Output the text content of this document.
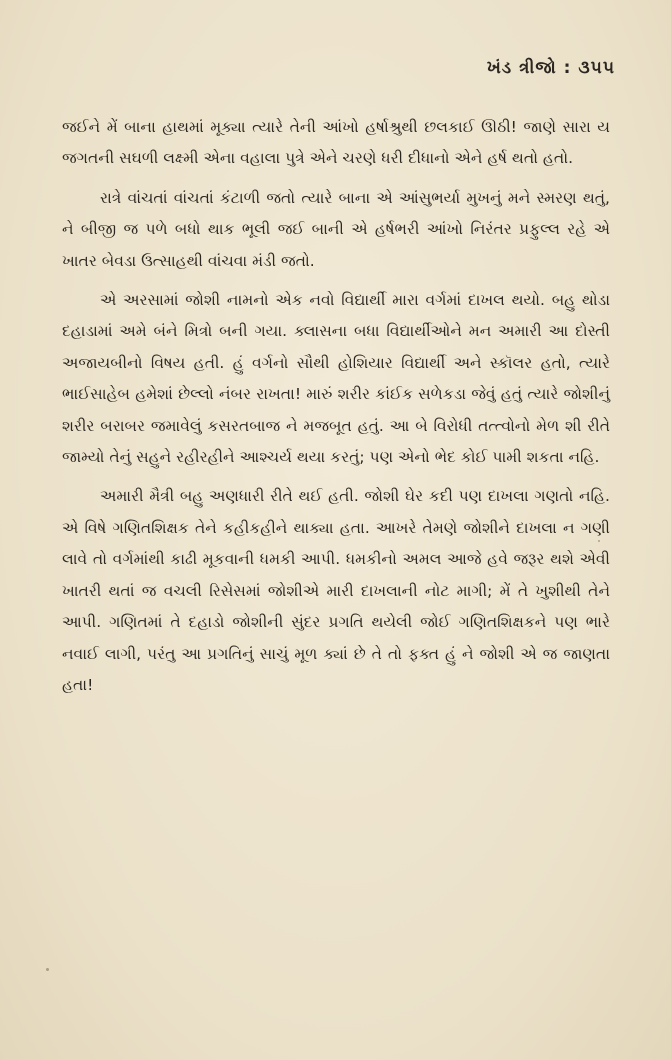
ખંડ ત્રીજો : ૩૫૫

જઈને મેં બાના હાથમાં મૂક્યા ત્યારે તેની આંખો હર્ષાશ્રુથી છલકાઈ ઊઠી! જાણે સારા ય જગતની સઘળી લક્ષ્મી એના વહાલા પુત્રે એને ચરણે ધરી દીધાનો એને હર્ષ થતો હતો.

રાત્રે વાંચતાં વાંચતાં કંટાળી જતો ત્યારે બાના એ આંસુભર્યા મુખનું મને સ્મરણ થતું, ને બીજી જ પળે બધો થાક ભૂલી જઈ બાની એ હર્ષભરી આંખો નિરંતર પ્રફુલ્લ રહે એ ખાતર બેવડા ઉત્સાહથી વાંચવા મંડી જતો.

એ અરસામાં જોશી નામનો એક નવો વિદ્યાર્થી મારા વર્ગમાં દાખલ થયો. બહુ થોડા દહાડામાં અમે બંને મિત્રો બની ગયા. ક્લાસના બધા વિદ્યાર્થીઓને મન અમારી આ દોસ્તી અજાયબીનો વિષય હતી. હું વર્ગનો સૌથી હોશિયાર વિદ્યાર્થી અને સ્કૉલર હતો, ત્યારે ભાઈસાહેબ હમેશાં છેલ્લો નંબર રાખતા! મારું શરીર કાંઈક સળેકડા જેવું હતું ત્યારે જોશીનું શરીર બરાબર જમાવેલું કસરતબાજ ને મજબૂત હતું. આ બે વિરોધી તત્ત્વોનો મેળ શી રીતે જામ્યો તેનું સહુને રહીરહીને આશ્ચર્ય થયા કરતું; પણ એનો ભેદ કોઈ પામી શકતા નહિ.

અમારી મૈત્રી બહુ અણધારી રીતે થઈ હતી. જોશી ઘેર કદી પણ દાખલા ગણતો નહિ. એ વિષે ગણિતશિક્ષક તેને કહીકહીને થાક્યા હતા. આખરે તેમણે જોશીને દાખલા ન ગણી લાવે તો વર્ગમાંથી કાઢી મૂકવાની ધમકી આપી. ધમકીનો અમલ આજે હવે જરૂર થશે એવી ખાતરી થતાં જ વચલી રિસેસમાં જોશીએ મારી દાખલાની નોટ માગી; મેં તે ખુશીથી તેને આપી. ગણિતમાં તે દહાડો જોશીની સુંદર પ્રગતિ થયેલી જોઈ ગણિતશિક્ષકને પણ ભારે નવાઈ લાગી, પરંતુ આ પ્રગતિનું સાચું મૂળ ક્યાં છે તે તો ફક્ત હું ને જોશી એ જ જાણતા હતા!
